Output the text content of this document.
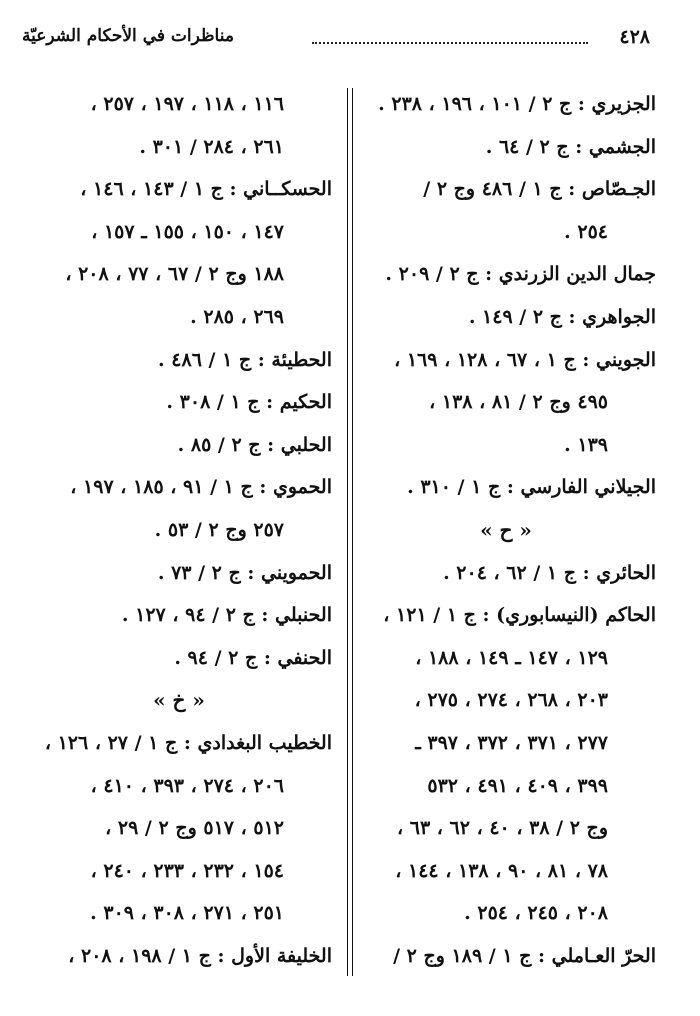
٤٢٨
مناظرات في الأحكام الشرعيّة
الجزيري : ج ٢ / ١٠١ ، ١٩٦ ، ٢٣٨ .
الجشمي : ج ٢ / ٦٤ .
الجـصّاص : ج ١ / ٤٨٦ وج ٢ /
٢٥٤ .
جمال الدين الزرندي : ج ٢ / ٢٠٩ .
الجواهري : ج ٢ / ١٤٩ .
الجويني : ج ١ ، ٦٧ ، ١٢٨ ، ١٦٩ ،
٤٩٥ وج ٢ / ٨١ ، ١٣٨ ،
١٣٩ .
الجيلاني الفارسي : ج ١ / ٣١٠ .
« ح »
الحائري : ج ١ / ٦٢ ، ٢٠٤ .
الحاكم (النيسابوري) : ج ١ / ١٢١ ،
١٢٩ ، ١٤٧ ـ ١٤٩ ، ١٨٨ ،
٢٠٣ ، ٢٦٨ ، ٢٧٤ ، ٢٧٥ ،
٢٧٧ ، ٣٧١ ، ٣٧٢ ، ٣٩٧ ـ
٣٩٩ ، ٤٠٩ ، ٤٩١ ، ٥٣٢
وج ٢ / ٣٨ ، ٤٠ ، ٦٢ ، ٦٣ ،
٧٨ ، ٨١ ، ٩٠ ، ١٣٨ ، ١٤٤ ،
٢٠٨ ، ٢٤٥ ، ٢٥٤ .
الحرّ العـاملي : ج ١ / ١٨٩ وج ٢ /
١١٦ ، ١١٨ ، ١٩٧ ، ٢٥٧ ،
٢٦١ ، ٢٨٤ / ٣٠١ .
الحسكــاني : ج ١ / ١٤٣ ، ١٤٦ ،
١٤٧ ، ١٥٠ ، ١٥٥ ـ ١٥٧ ،
١٨٨ وج ٢ / ٦٧ ، ٧٧ ، ٢٠٨ ،
٢٦٩ ، ٢٨٥ .
الحطيئة : ج ١ / ٤٨٦ .
الحكيم : ج ١ / ٣٠٨ .
الحلبي : ج ٢ / ٨٥ .
الحموي : ج ١ / ٩١ ، ١٨٥ ، ١٩٧ ،
٢٥٧ وج ٢ / ٥٣ .
الحمويني : ج ٢ / ٧٣ .
الحنبلي : ج ٢ / ٩٤ ، ١٢٧ .
الحنفي : ج ٢ / ٩٤ .
« خ »
الخطيب البغدادي : ج ١ / ٢٧ ، ١٢٦ ،
٢٠٦ ، ٢٧٤ ، ٣٩٣ ، ٤١٠ ،
٥١٢ ، ٥١٧ وج ٢ / ٢٩ ،
١٥٤ ، ٢٣٢ ، ٢٣٣ ، ٢٤٠ ،
٢٥١ ، ٢٧١ ، ٣٠٨ ، ٣٠٩ .
الخليفة الأول : ج ١ / ١٩٨ ، ٢٠٨ ،
